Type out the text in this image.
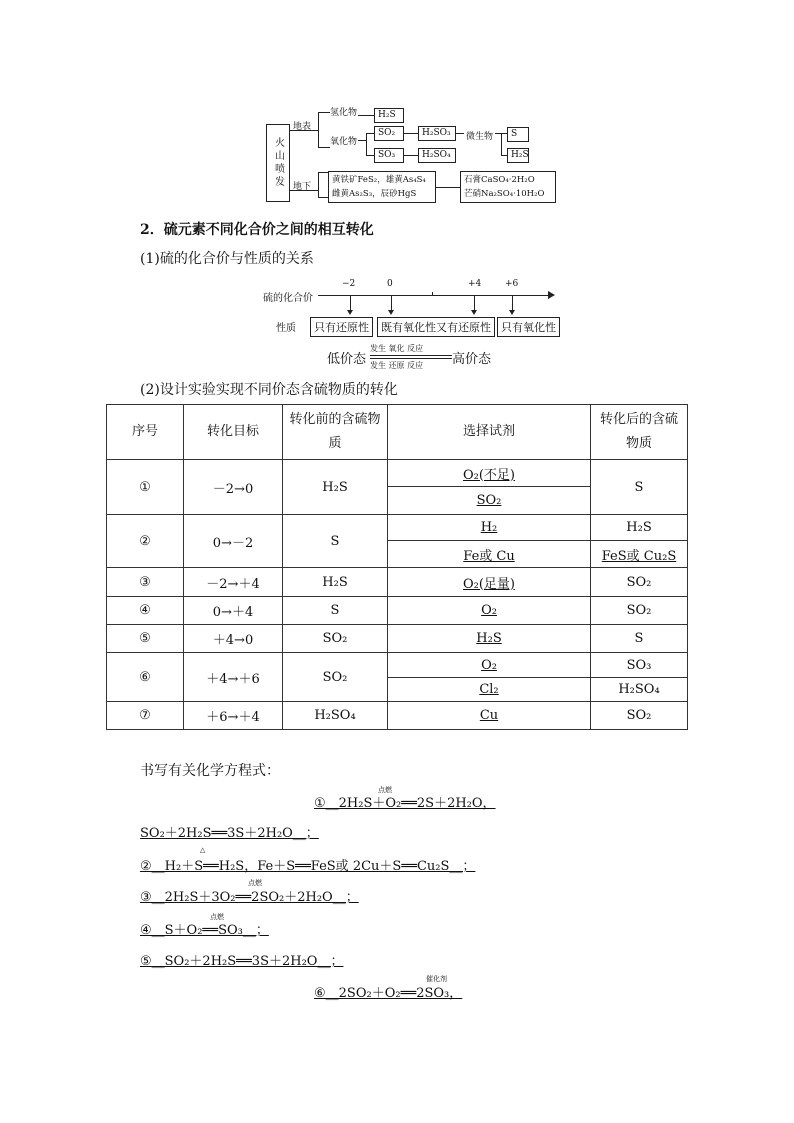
火山喷发
地表
地下
氢化物
氧化物
H₂S
SO₂
SO₃
H₂SO₃
H₂SO₄
微生物	S
H₂S
黄铁矿FeS₂，雄黄As₄S₄
雌黄As₂S₃，辰砂HgS
石膏CaSO₄·2H₂O
芒硝Na₂SO₄·10H₂O
2．硫元素不同化合价之间的相互转化
(1)硫的化合价与性质的关系
硫的化合价
−2	0	+4	+6
性质	只有还原性	既有氧化性又有还原性 只有氧化性
低价态
发生 氧化 反应
发生 还原 反应 高价态
(2)设计实验实现不同价态含硫物质的转化
序号	转化目标	转化前的含硫物质	选择试剂	转化后的含硫物质
①	－2→0	H₂S	O₂(不足)	S
			SO₂	
②	0→－2	S	H₂	H₂S
			Fe或 Cu	FeS或 Cu₂S
③	－2→＋4	H₂S	O₂(足量)	SO₂
④	0→＋4	S	O₂	SO₂
⑤	＋4→0	SO₂	H₂S	S
⑥	＋4→＋6	SO₂	O₂	SO₃
			Cl₂	H₂SO₄
⑦	＋6→＋4	H₂SO₄	Cu	SO₂
书写有关化学方程式：
点燃
①__2H₂S＋O₂══2S＋2H₂O，
SO₂＋2H₂S══3S＋2H₂O__；
△
②__H₂＋S══H₂S，Fe＋S══FeS或 2Cu＋S══Cu₂S__；
点燃
③__2H₂S＋3O₂══2SO₂＋2H₂O__；
点燃
④__S＋O₂══SO₃__；
⑤__SO₂＋2H₂S══3S＋2H₂O__；
催化剂
⑥__2SO₂＋O₂══2SO₃，
